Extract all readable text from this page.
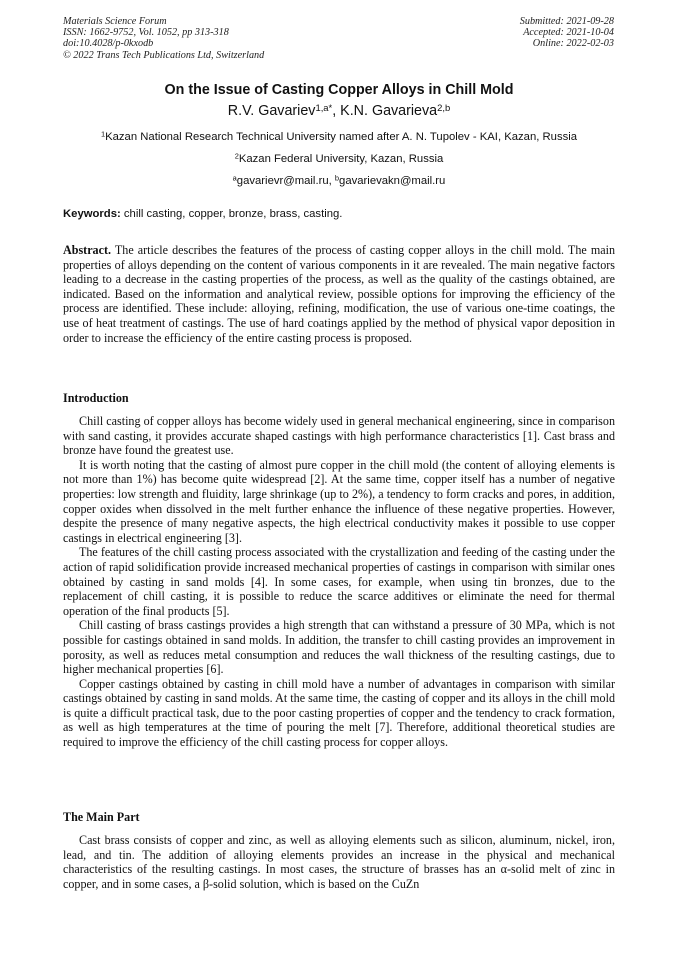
Materials Science Forum
ISSN: 1662-9752, Vol. 1052, pp 313-318
doi:10.4028/p-0kxodb
© 2022 Trans Tech Publications Ltd, Switzerland
Submitted: 2021-09-28
Accepted: 2021-10-04
Online: 2022-02-03
On the Issue of Casting Copper Alloys in Chill Mold
R.V. Gavariev$^{1,a*}$, K.N. Gavarieva$^{2,b}$
$^1$Kazan National Research Technical University named after A. N. Tupolev - KAI, Kazan, Russia
$^2$Kazan Federal University, Kazan, Russia
$^a$gavarievr@mail.ru, $^b$gavarievakn@mail.ru
Keywords: chill casting, copper, bronze, brass, casting.

Abstract. The article describes the features of the process of casting copper alloys in the chill mold. The main properties of alloys depending on the content of various components in it are revealed. The main negative factors leading to a decrease in the casting properties of the process, as well as the quality of the castings obtained, are indicated. Based on the information and analytical review, possible options for improving the efficiency of the process are identified. These include: alloying, refining, modification, the use of various one-time coatings, the use of heat treatment of castings. The use of hard coatings applied by the method of physical vapor deposition in order to increase the efficiency of the entire casting process is proposed.

Introduction

Chill casting of copper alloys has become widely used in general mechanical engineering, since in comparison with sand casting, it provides accurate shaped castings with high performance characteristics [1]. Cast brass and bronze have found the greatest use.

It is worth noting that the casting of almost pure copper in the chill mold (the content of alloying elements is not more than 1%) has become quite widespread [2]. At the same time, copper itself has a number of negative properties: low strength and fluidity, large shrinkage (up to 2%), a tendency to form cracks and pores, in addition, copper oxides when dissolved in the melt further enhance the influence of these negative properties. However, despite the presence of many negative aspects, the high electrical conductivity makes it possible to use copper castings in electrical engineering [3].

The features of the chill casting process associated with the crystallization and feeding of the casting under the action of rapid solidification provide increased mechanical properties of castings in comparison with similar ones obtained by casting in sand molds [4]. In some cases, for example, when using tin bronzes, due to the replacement of chill casting, it is possible to reduce the scarce additives or eliminate the need for thermal operation of the final products [5].

Chill casting of brass castings provides a high strength that can withstand a pressure of 30 MPa, which is not possible for castings obtained in sand molds. In addition, the transfer to chill casting provides an improvement in porosity, as well as reduces metal consumption and reduces the wall thickness of the resulting castings, due to higher mechanical properties [6].

Copper castings obtained by casting in chill mold have a number of advantages in comparison with similar castings obtained by casting in sand molds. At the same time, the casting of copper and its alloys in the chill mold is quite a difficult practical task, due to the poor casting properties of copper and the tendency to crack formation, as well as high temperatures at the time of pouring the melt [7]. Therefore, additional theoretical studies are required to improve the efficiency of the chill casting process for copper alloys.

The Main Part

Cast brass consists of copper and zinc, as well as alloying elements such as silicon, aluminum, nickel, iron, lead, and tin. The addition of alloying elements provides an increase in the physical and mechanical characteristics of the resulting castings. In most cases, the structure of brasses has an α-solid melt of zinc in copper, and in some cases, a β-solid solution, which is based on the CuZn
